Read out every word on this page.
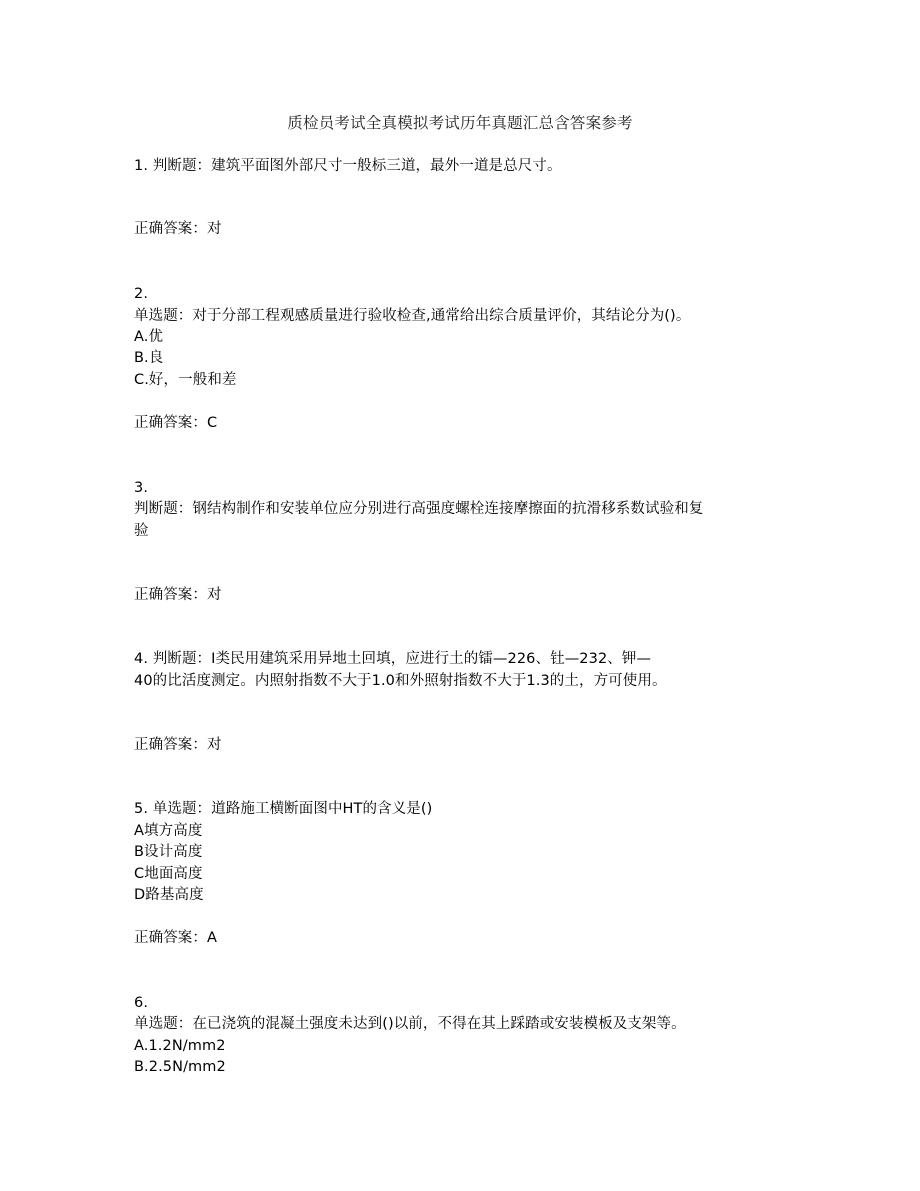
质检员考试全真模拟考试历年真题汇总含答案参考
1. 判断题：建筑平面图外部尺寸一般标三道，最外一道是总尺寸。
正确答案：对
2.
单选题：对于分部工程观感质量进行验收检查,通常给出综合质量评价，其结论分为()。
A.优
B.良
C.好，一般和差
正确答案：C
3.
判断题：钢结构制作和安装单位应分别进行高强度螺栓连接摩擦面的抗滑移系数试验和复
验
正确答案：对
4. 判断题：I类民用建筑采用异地土回填，应进行土的镭—226、钍—232、钾—
40的比活度测定。内照射指数不大于1.0和外照射指数不大于1.3的土，方可使用。
正确答案：对
5. 单选题：道路施工横断面图中HT的含义是()
A填方高度
B设计高度
C地面高度
D路基高度
正确答案：A
6.
单选题：在已浇筑的混凝土强度未达到()以前，不得在其上踩踏或安装模板及支架等。
A.1.2N/mm2
B.2.5N/mm2
